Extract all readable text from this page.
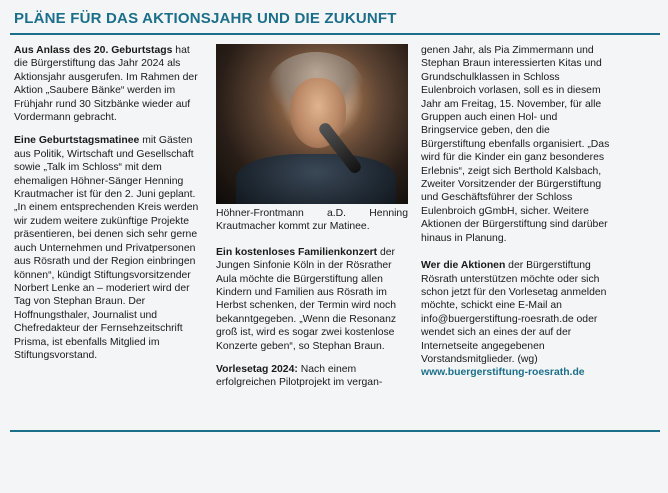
PLÄNE FÜR DAS AKTIONSJAHR UND DIE ZUKUNFT

Aus Anlass des 20. Geburtstags hat die Bürgerstiftung das Jahr 2024 als Aktionsjahr ausgerufen. Im Rahmen der Aktion „Saubere Bänke“ werden im Frühjahr rund 30 Sitzbänke wieder auf Vordermann gebracht.

Eine Geburtstagsmatinee mit Gästen aus Politik, Wirtschaft und Gesellschaft sowie „Talk im Schloss“ mit dem ehemaligen Höhner-Sänger Henning Krautmacher ist für den 2. Juni geplant. „In einem entsprechenden Kreis werden wir zudem weitere zukünftige Projekte präsentieren, bei denen sich sehr gerne auch Unternehmen und Privatpersonen aus Rösrath und der Region einbringen können“, kündigt Stiftungsvorsitzender Norbert Lenke an – moderiert wird der Tag von Stephan Braun. Der Hoffnungsthaler, Journalist und Chefredakteur der Fernsehzeitschrift Prisma, ist ebenfalls Mitglied im Stiftungsvorstand.

Höhner-Frontmann a.D. Henning Krautmacher kommt zur Matinee.

Ein kostenloses Familienkonzert der Jungen Sinfonie Köln in der Rösrather Aula möchte die Bürgerstiftung allen Kindern und Familien aus Rösrath im Herbst schenken, der Termin wird noch bekanntgegeben. „Wenn die Resonanz groß ist, wird es sogar zwei kostenlose Konzerte geben“, so Stephan Braun.

Vorlesetag 2024: Nach einem erfolgreichen Pilotprojekt im vergan-

genen Jahr, als Pia Zimmermann und Stephan Braun interessierten Kitas und Grundschulklassen in Schloss Eulenbroich vorlasen, soll es in diesem Jahr am Freitag, 15. November, für alle Gruppen auch einen Hol- und Bringservice geben, den die Bürgerstiftung ebenfalls organisiert. „Das wird für die Kinder ein ganz besonderes Erlebnis“, zeigt sich Berthold Kalsbach, Zweiter Vorsitzender der Bürgerstiftung und Geschäftsführer der Schloss Eulenbroich gGmbH, sicher. Weitere Aktionen der Bürgerstiftung sind darüber hinaus in Planung.

Wer die Aktionen der Bürgerstiftung Rösrath unterstützen möchte oder sich schon jetzt für den Vorlesetag anmelden möchte, schickt eine E-Mail an info@buergerstiftung-roesrath.de oder wendet sich an eines der auf der Internetseite angegebenen Vorstandsmitglieder. (wg)
www.buergerstiftung-roesrath.de
